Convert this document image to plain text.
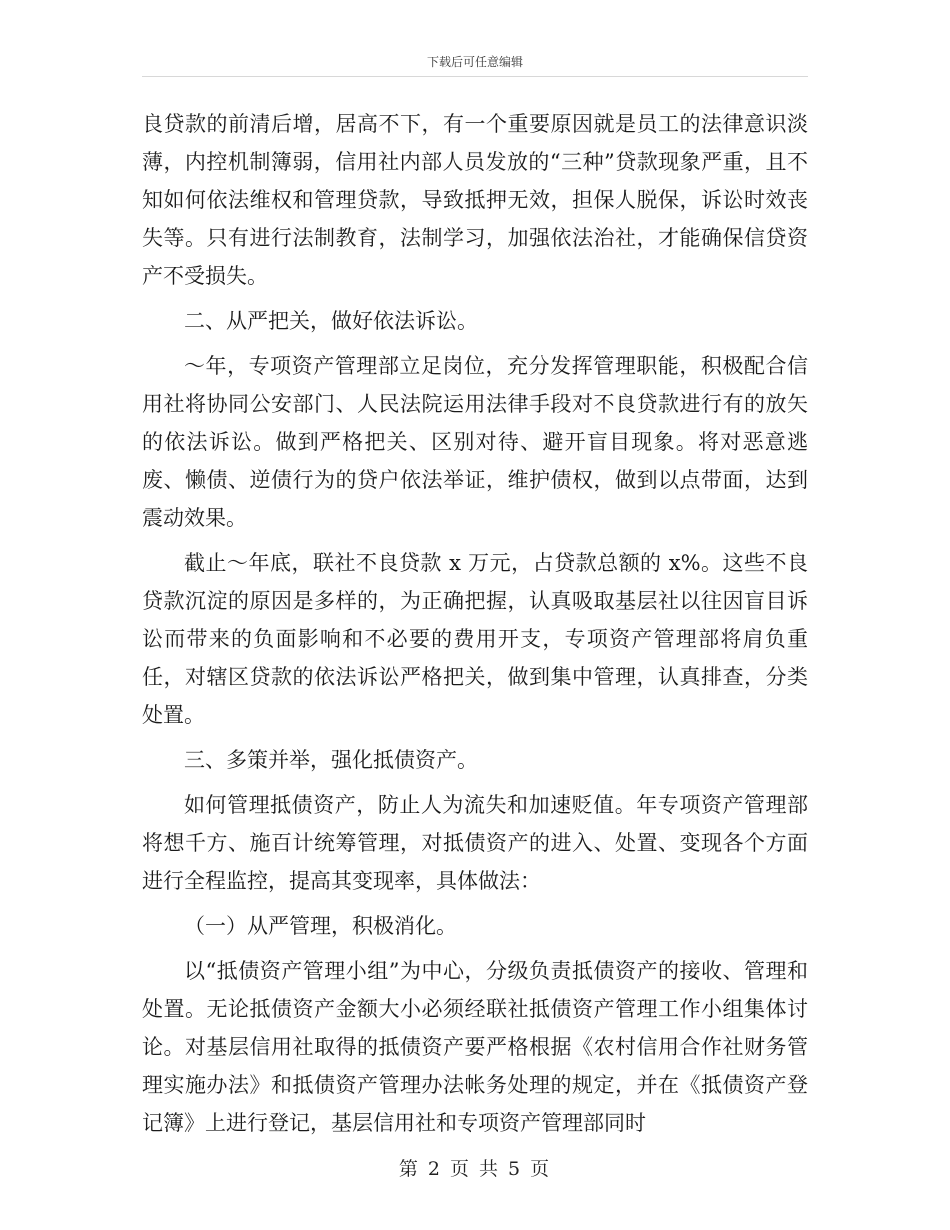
下载后可任意编辑

良贷款的前清后增，居高不下，有一个重要原因就是员工的法律意识淡薄，内控机制簿弱，信用社内部人员发放的“三种”贷款现象严重，且不知如何依法维权和管理贷款，导致抵押无效，担保人脱保，诉讼时效丧失等。只有进行法制教育，法制学习，加强依法治社，才能确保信贷资产不受损失。

二、从严把关，做好依法诉讼。

～年，专项资产管理部立足岗位，充分发挥管理职能，积极配合信用社将协同公安部门、人民法院运用法律手段对不良贷款进行有的放矢的依法诉讼。做到严格把关、区别对待、避开盲目现象。将对恶意逃废、懒债、逆债行为的贷户依法举证，维护债权，做到以点带面，达到震动效果。

截止～年底，联社不良贷款 x 万元，占贷款总额的 x%。这些不良贷款沉淀的原因是多样的，为正确把握，认真吸取基层社以往因盲目诉讼而带来的负面影响和不必要的费用开支，专项资产管理部将肩负重任，对辖区贷款的依法诉讼严格把关，做到集中管理，认真排查，分类处置。

三、多策并举，强化抵债资产。

如何管理抵债资产，防止人为流失和加速贬值。年专项资产管理部将想千方、施百计统筹管理，对抵债资产的进入、处置、变现各个方面进行全程监控，提高其变现率，具体做法：

（一）从严管理，积极消化。

以“抵债资产管理小组”为中心，分级负责抵债资产的接收、管理和处置。无论抵债资产金额大小必须经联社抵债资产管理工作小组集体讨论。对基层信用社取得的抵债资产要严格根据《农村信用合作社财务管理实施办法》和抵债资产管理办法帐务处理的规定，并在《抵债资产登记簿》上进行登记，基层信用社和专项资产管理部同时

第 2 页 共 5 页
